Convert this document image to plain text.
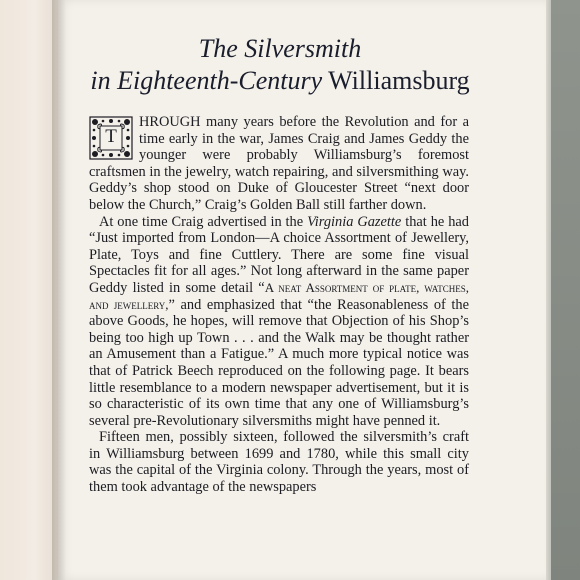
The Silversmith
in Eighteenth-Century Williamsburg

T
HROUGH many years before the Revolution and for a time early in the war, James Craig and James Geddy the younger were probably Williamsburg’s foremost craftsmen in the jewelry, watch repairing, and silversmithing way. Geddy’s shop stood on Duke of Gloucester Street “next door below the Church,” Craig’s Golden Ball still farther down.

At one time Craig advertised in the Virginia Gazette that he had “Just imported from London—A choice Assortment of Jewellery, Plate, Toys and fine Cuttlery. There are some fine visual Spectacles fit for all ages.” Not long afterward in the same paper Geddy listed in some detail “A neat Assortment of plate, watches, and jewellery,” and emphasized that “the Reasonableness of the above Goods, he hopes, will remove that Objection of his Shop’s being too high up Town . . . and the Walk may be thought rather an Amusement than a Fatigue.” A much more typical notice was that of Patrick Beech reproduced on the following page. It bears little resemblance to a modern newspaper advertisement, but it is so characteristic of its own time that any one of Williamsburg’s several pre-Revolutionary silversmiths might have penned it.

Fifteen men, possibly sixteen, followed the silversmith’s craft in Williamsburg between 1699 and 1780, while this small city was the capital of the Virginia colony. Through the years, most of them took advantage of the newspapers
